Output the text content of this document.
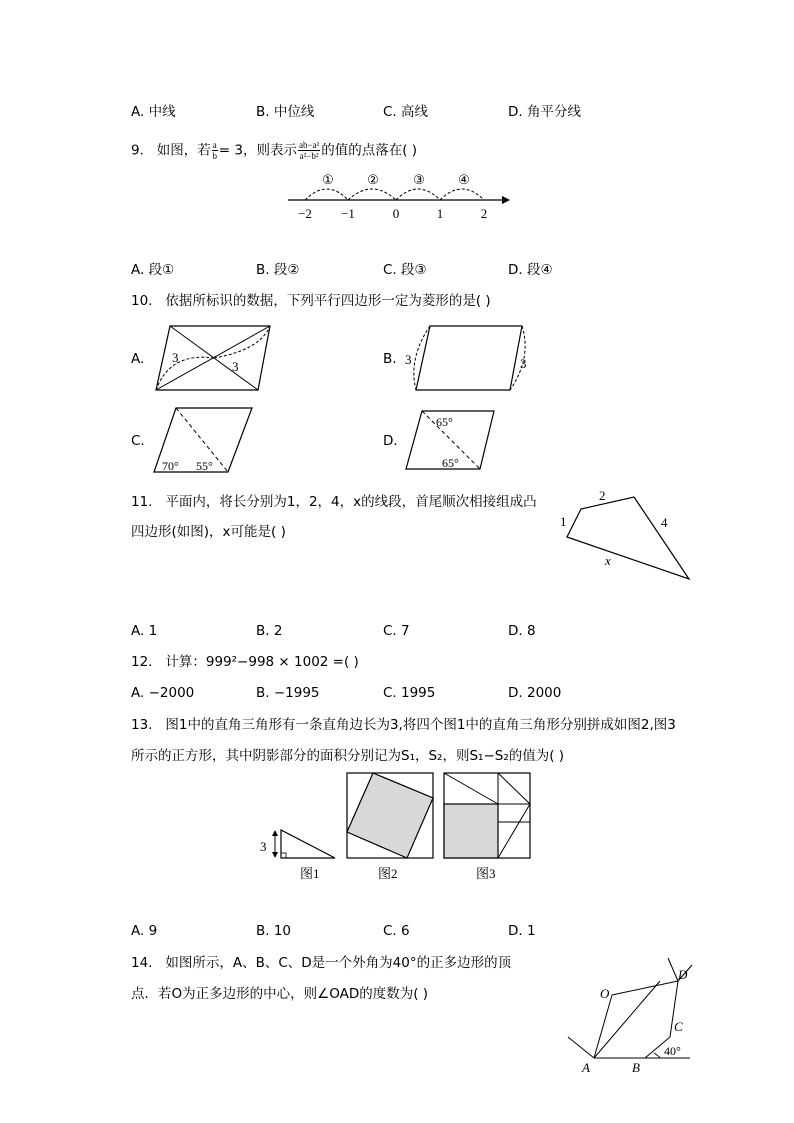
A. 中线	B. 中位线	C. 高线	D. 角平分线
9. 如图，若 $\frac{a}{b} = 3$，则表示 $\frac{\text{ab−a²}}{\text{a²−b²}}$ 的值的点落在( )
①	②	③	④
−2 −1	0	1	2
A. 段①	B. 段②	C. 段③	D. 段④
10. 依据所标识的数据，下列平行四边形一定为菱形的是( )
A. 3
3	B. 3	3
C.
70° 55°
D.
65°
65°
11. 平面内，将长分别为1，2，4，x的线段，首尾顺次相接组成凸
四边形(如图)，x可能是( )
1
2
4
x
A. 1	B. 2	C. 7	D. 8
12. 计算：999²−998 × 1002 =( )
A. −2000	B. −1995	C. 1995	D. 2000
13. 图1中的直角三角形有一条直角边长为3,将四个图1中的直角三角形分别拼成如图2,图3
所示的正方形，其中阴影部分的面积分别记为S₁，S₂，则S₁−S₂的值为( )
3
图1	图2	图3
A. 9	B. 10	C. 6	D. 1
14. 如图所示，A、B、C、D是一个外角为40°的正多边形的顶
点．若O为正多边形的中心，则∠OAD的度数为( )	O
D
C
A	B
40°
